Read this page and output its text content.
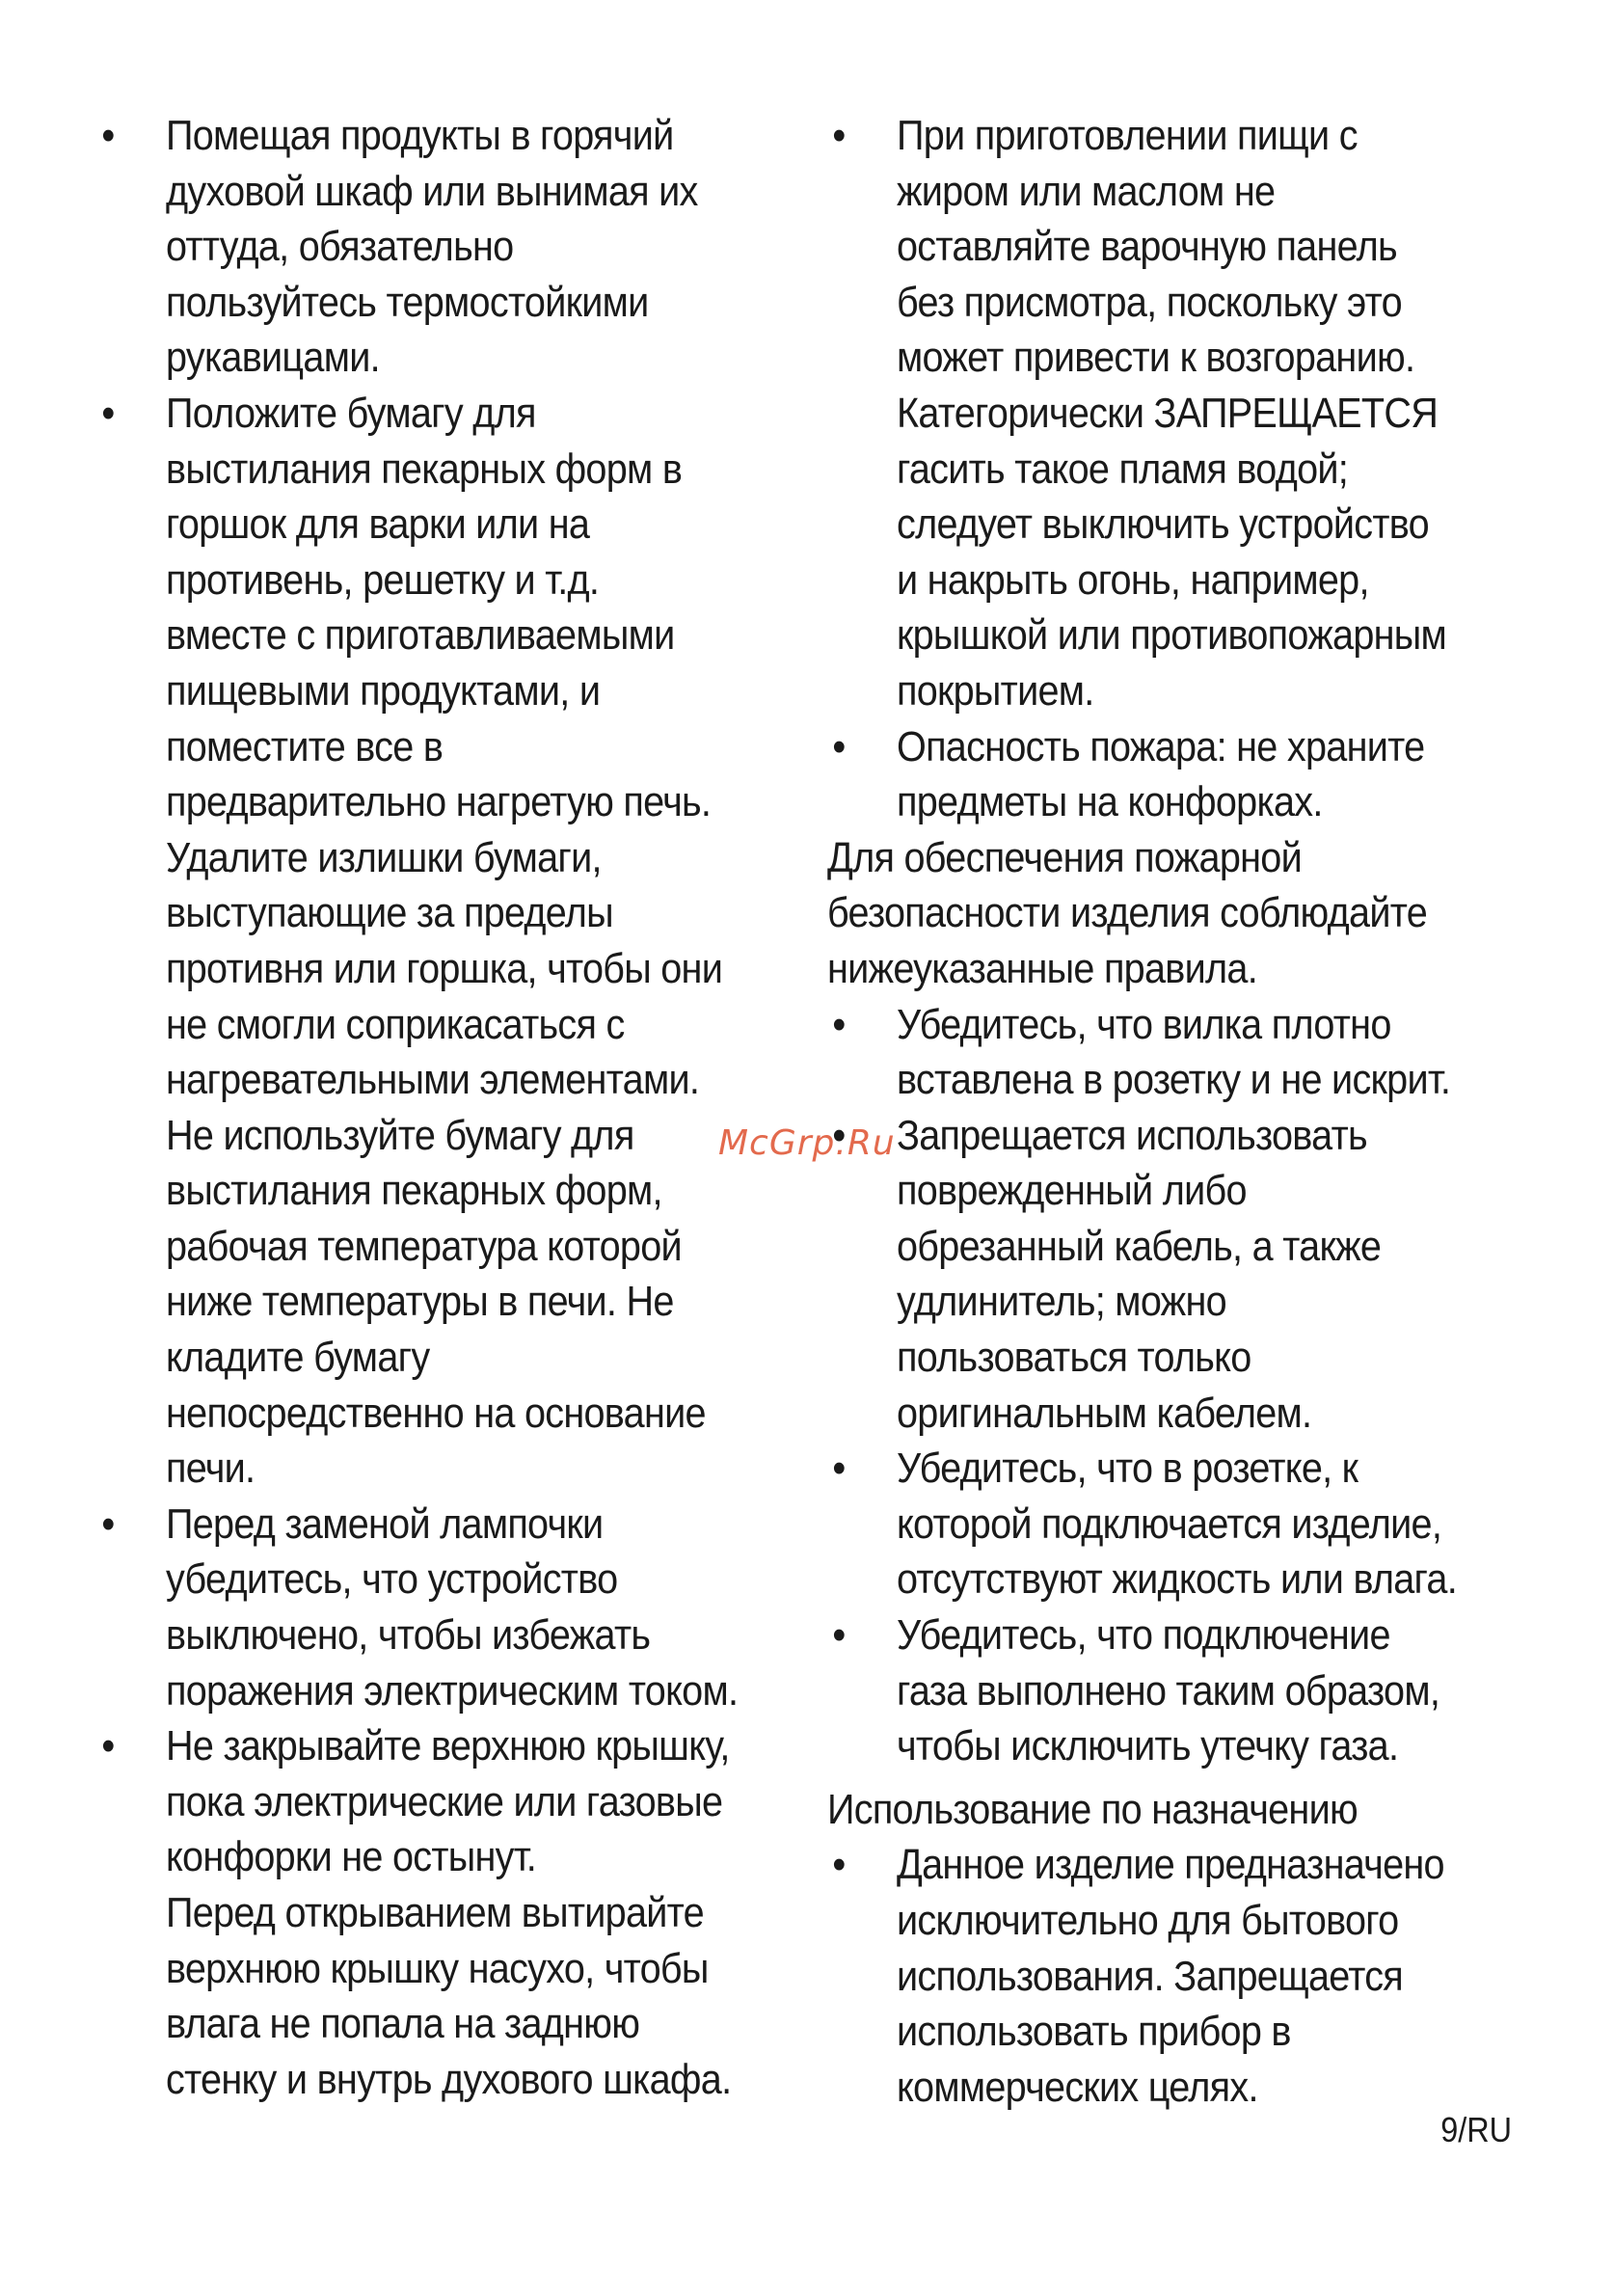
• Помещая продукты в горячий
духовой шкаф или вынимая их
оттуда, обязательно
пользуйтесь термостойкими
рукавицами.
• Положите бумагу для
выстилания пекарных форм в
горшок для варки или на
противень, решетку и т.д.
вместе с приготавливаемыми
пищевыми продуктами, и
поместите все в
предварительно нагретую печь.
Удалите излишки бумаги,
выступающие за пределы
противня или горшка, чтобы они
не смогли соприкасаться с
нагревательными элементами.
Не используйте бумагу для
выстилания пекарных форм,
рабочая температура которой
ниже температуры в печи. Не
кладите бумагу
непосредственно на основание
печи.
• Перед заменой лампочки
убедитесь, что устройство
выключено, чтобы избежать
поражения электрическим током.
• Не закрывайте верхнюю крышку,
пока электрические или газовые
конфорки не остынут.
Перед открыванием вытирайте
верхнюю крышку насухо, чтобы
влага не попала на заднюю
стенку и внутрь духового шкафа.
• При приготовлении пищи с
жиром или маслом не
оставляйте варочную панель
без присмотра, поскольку это
может привести к возгоранию.
Категорически ЗАПРЕЩАЕТСЯ
гасить такое пламя водой;
следует выключить устройство
и накрыть огонь, например,
крышкой или противопожарным
покрытием.
• Опасность пожара: не храните
предметы на конфорках.

Для обеспечения пожарной
безопасности изделия соблюдайте
нижеуказанные правила.

• Убедитесь, что вилка плотно
вставлена в розетку и не искрит.
• Запрещается использовать
поврежденный либо
обрезанный кабель, а также
удлинитель; можно
пользоваться только
оригинальным кабелем.
• Убедитесь, что в розетке, к
которой подключается изделие,
отсутствуют жидкость или влага.
• Убедитесь, что подключение
газа выполнено таким образом,
чтобы исключить утечку газа.

Использование по назначению

• Данное изделие предназначено
исключительно для бытового
использования. Запрещается
использовать прибор в
коммерческих целях.
McGrp.Ru
9/RU
